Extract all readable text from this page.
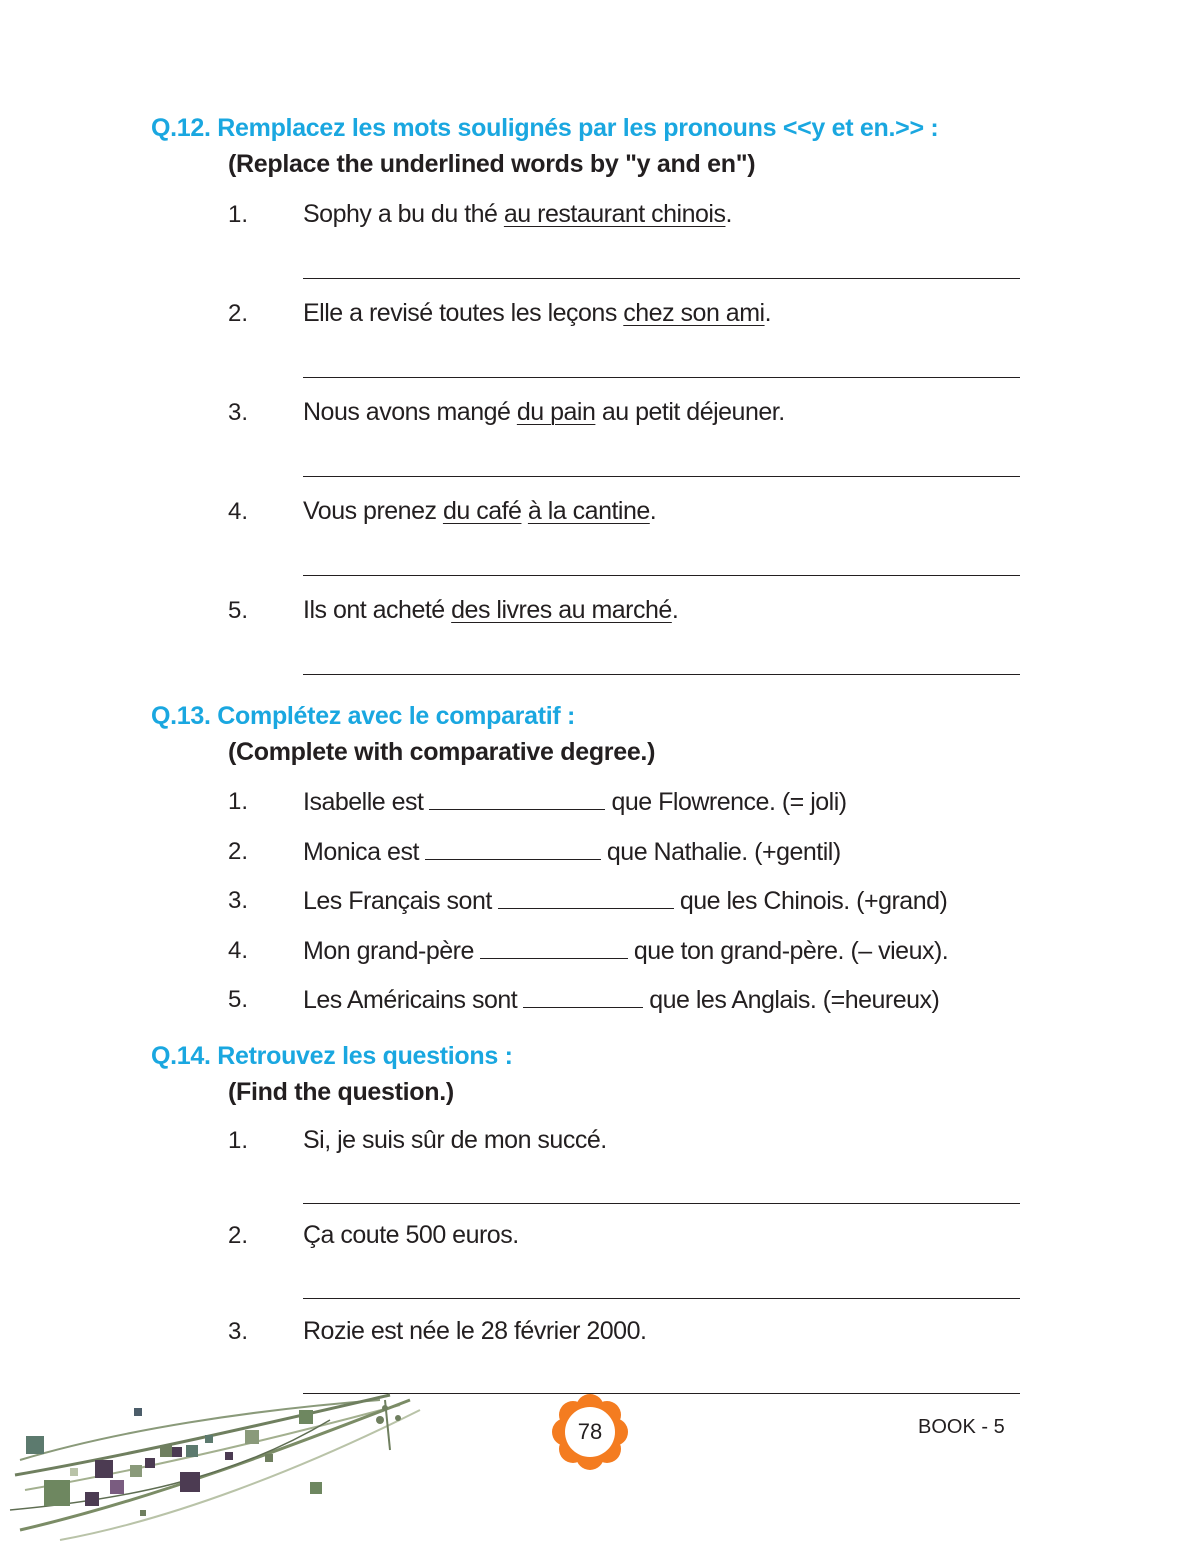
Q.12. Remplacez les mots soulignés par les pronouns <<y et en.>> :
(Replace the underlined words by "y and en")
1. Sophy a bu du thé au restaurant chinois.
2. Elle a revisé toutes les leçons chez son ami.
3. Nous avons mangé du pain au petit déjeuner.
4. Vous prenez du café à la cantine.
5. Ils ont acheté des livres au marché.
Q.13. Complétez avec le comparatif :
(Complete with comparative degree.)
1. Isabelle est	que Flowrence. (= joli)
2. Monica est	que Nathalie. (+gentil)
3. Les Français sont	que les Chinois. (+grand)
4. Mon grand-père	que ton grand-père. (– vieux).
5. Les Américains sont	que les Anglais. (=heureux)
Q.14. Retrouvez les questions :
(Find the question.)
1. Si, je suis sûr de mon succé.
2. Ça coute 500 euros.
3. Rozie est née le 28 février 2000.
78	BOOK - 5
